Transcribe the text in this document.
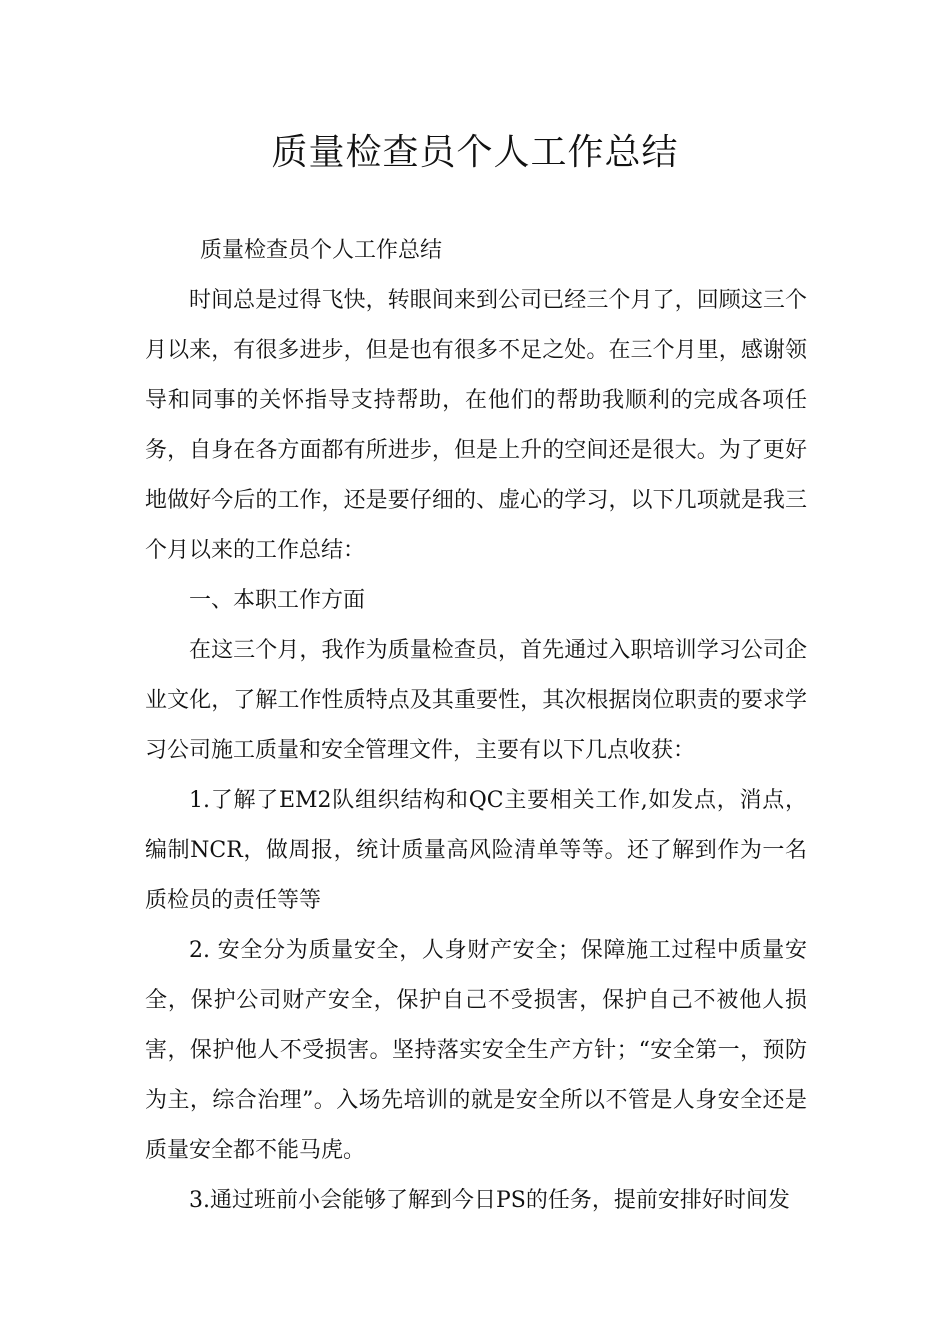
质量检查员个人工作总结

质量检查员个人工作总结

时间总是过得飞快，转眼间来到公司已经三个月了，回顾这三个月以来，有很多进步，但是也有很多不足之处。在三个月里，感谢领导和同事的关怀指导支持帮助，在他们的帮助我顺利的完成各项任务，自身在各方面都有所进步，但是上升的空间还是很大。为了更好地做好今后的工作，还是要仔细的、虚心的学习，以下几项就是我三个月以来的工作总结：

一、本职工作方面

在这三个月，我作为质量检查员，首先通过入职培训学习公司企业文化，了解工作性质特点及其重要性，其次根据岗位职责的要求学习公司施工质量和安全管理文件，主要有以下几点收获：

1.了解了EM2队组织结构和QC主要相关工作,如发点，消点，编制NCR，做周报，统计质量高风险清单等等。还了解到作为一名质检员的责任等等

2. 安全分为质量安全，人身财产安全；保障施工过程中质量安全，保护公司财产安全，保护自己不受损害，保护自己不被他人损害，保护他人不受损害。坚持落实安全生产方针；“安全第一，预防为主，综合治理”。入场先培训的就是安全所以不管是人身安全还是质量安全都不能马虎。

3.通过班前小会能够了解到今日PS的任务，提前安排好时间发
